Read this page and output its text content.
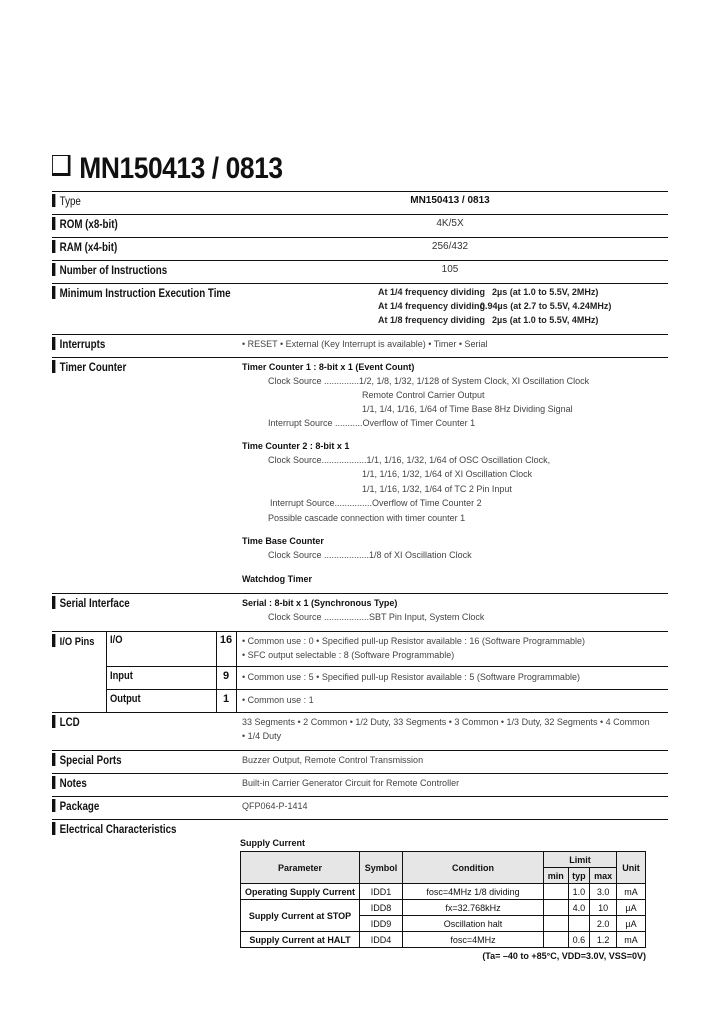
MN150413 / 0813
Type	MN150413 / 0813
ROM (x8-bit)	4K/5X
RAM (x4-bit)	256/432
Number of Instructions	105
Minimum Instruction Execution Time	At 1/4 frequency dividing 2µs (at 1.0 to 5.5V, 2MHz)
At 1/4 frequency dividing
0.94µs (at 2.7 to 5.5V, 4.24MHz)
At 1/8 frequency dividing 2µs (at 1.0 to 5.5V, 4MHz)
Interrupts	• RESET • External (Key Interrupt is available) • Timer • Serial
Timer Counter	Timer Counter 1 : 8-bit x 1 (Event Count)
Clock Source ..............1/2, 1/8, 1/32, 1/128 of System Clock, XI Oscillation Clock
Remote Control Carrier Output
1/1, 1/4, 1/16, 1/64 of Time Base 8Hz Dividing Signal
Interrupt Source ...........Overflow of Timer Counter 1
Time Counter 2 : 8-bit x 1
Clock Source..................1/1, 1/16, 1/32, 1/64 of OSC Oscillation Clock,
1/1, 1/16, 1/32, 1/64 of XI Oscillation Clock
1/1, 1/16, 1/32, 1/64 of TC 2 Pin Input
Interrupt Source...............Overflow of Time Counter 2
Possible cascade connection with timer counter 1
Time Base Counter
Clock Source ..................1/8 of XI Oscillation Clock
Watchdog Timer
Serial Interface	Serial : 8-bit x 1 (Synchronous Type)
Clock Source ..................SBT Pin Input, System Clock
I/O Pins I/O	16	• Common use : 0 • Specified pull-up Resistor available : 16 (Software Programmable)
• SFC output selectable : 8 (Software Programmable)
Input	9	• Common use : 5 • Specified pull-up Resistor available : 5 (Software Programmable)
Output	1	• Common use : 1
LCD	33 Segments • 2 Common • 1/2 Duty, 33 Segments • 3 Common • 1/3 Duty, 32 Segments • 4 Common
• 1/4 Duty
Special Ports	Buzzer Output, Remote Control Transmission
Notes	Built-in Carrier Generator Circuit for Remote Controller
Package	QFP064-P-1414
Electrical Characteristics
Supply Current
Parameter	Symbol	Condition	Limit			Unit
			min	typ	max	
Operating Supply Current	IDD1	fosc=4MHz 1/8 dividing		1.0	3.0	mA
Supply Current at STOP	IDD8	fx=32.768kHz		4.0	10	µA
	IDD9	Oscillation halt			2.0	µA
Supply Current at HALT	IDD4	fosc=4MHz		0.6	1.2	mA
(Ta= –40 to +85°C, VDD=3.0V, VSS=0V)
